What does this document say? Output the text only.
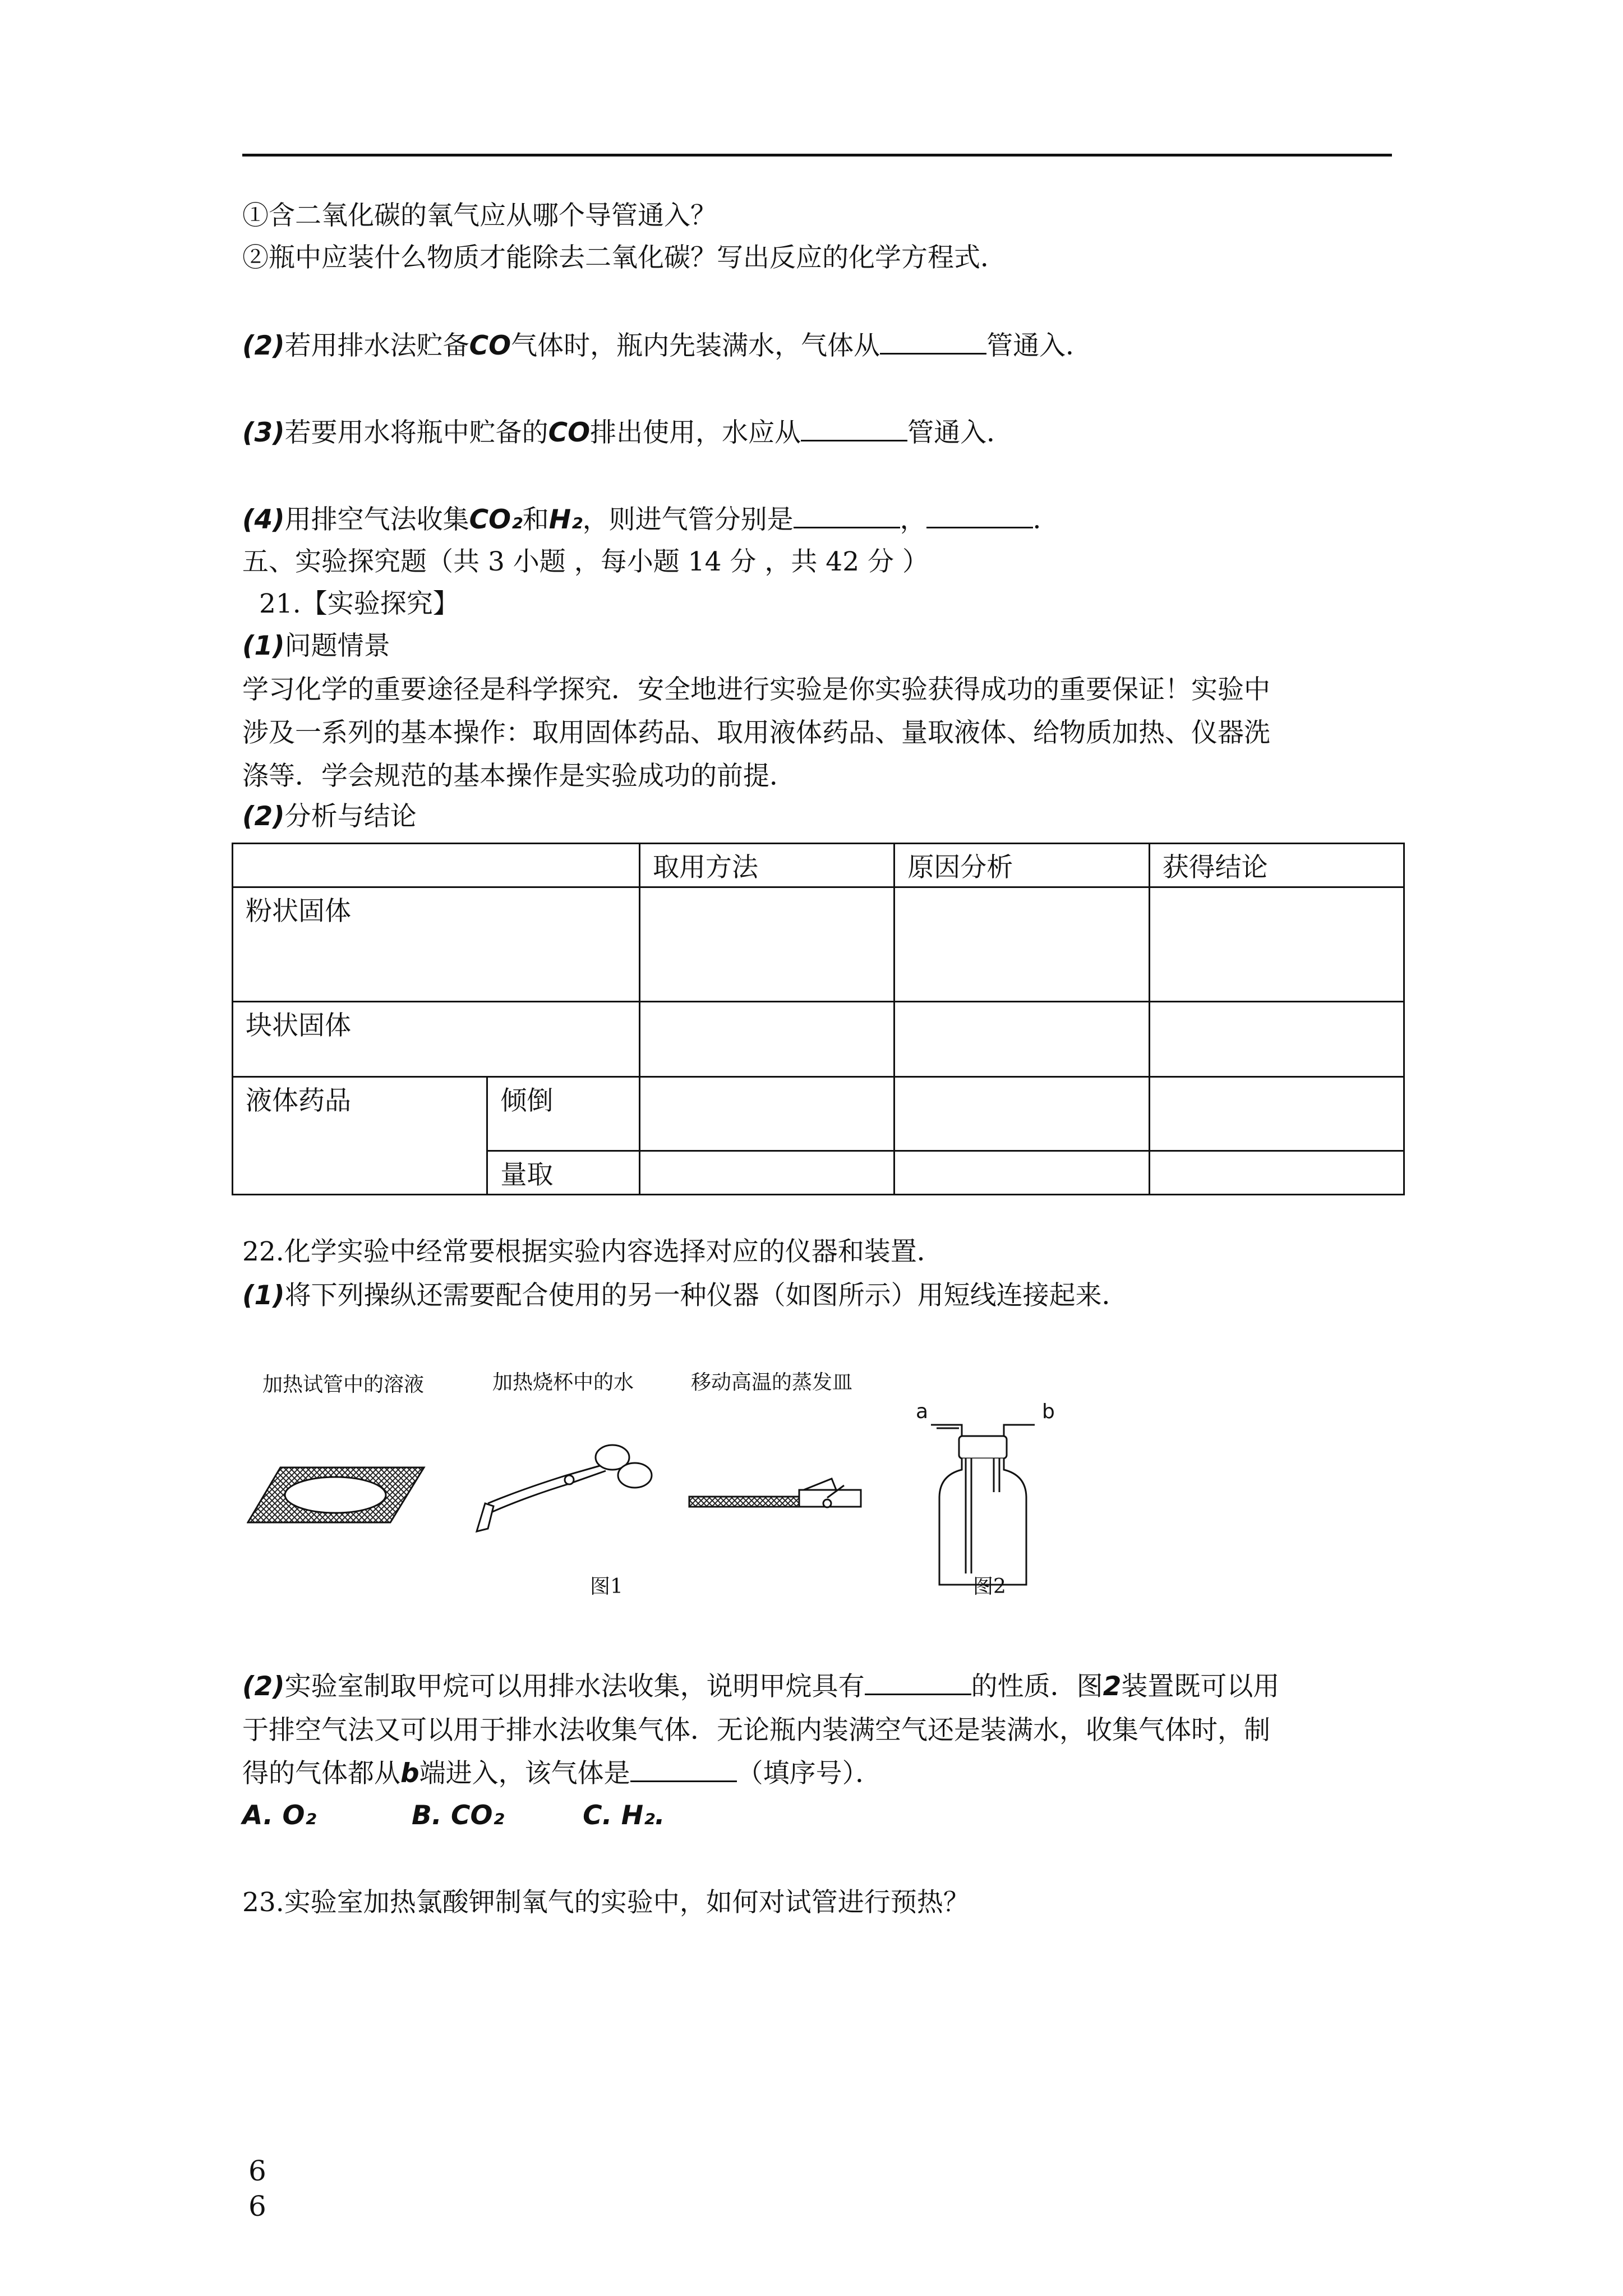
①含二氧化碳的氧气应从哪个导管通入？
②瓶中应装什么物质才能除去二氧化碳？写出反应的化学方程式．
(2)若用排水法贮备CO气体时，瓶内先装满水，气体从	管通入．
(3)若要用水将瓶中贮备的CO排出使用，水应从	管通入．
(4)用排空气法收集CO₂和H₂，则进气管分别是	，	．
五、实验探究题（共 3 小题 ，每小题 14 分 ，共 42 分 ）
21.【实验探究】
(1)问题情景
学习化学的重要途径是科学探究．安全地进行实验是你实验获得成功的重要保证！实验中
涉及一系列的基本操作：取用固体药品、取用液体药品、量取液体、给物质加热、仪器洗
涤等．学会规范的基本操作是实验成功的前提．
(2)分析与结论
		取用方法	原因分析	获得结论
粉状固体				
块状固体				
液体药品	倾倒			
	量取			
22.化学实验中经常要根据实验内容选择对应的仪器和装置．
(1)将下列操纵还需要配合使用的另一种仪器（如图所示）用短线连接起来．
加热试管中的溶液	加热烧杯中的水	移动高温的蒸发皿
a	b
图1	图2
(2)实验室制取甲烷可以用排水法收集，说明甲烷具有	的性质．图2装置既可以用
于排空气法又可以用于排水法收集气体．无论瓶内装满空气还是装满水，收集气体时，制
得的气体都从b端进入，该气体是	（填序号）．
A. O₂	B. CO₂	C. H₂.
23.实验室加热氯酸钾制氧气的实验中，如何对试管进行预热？
6
6
